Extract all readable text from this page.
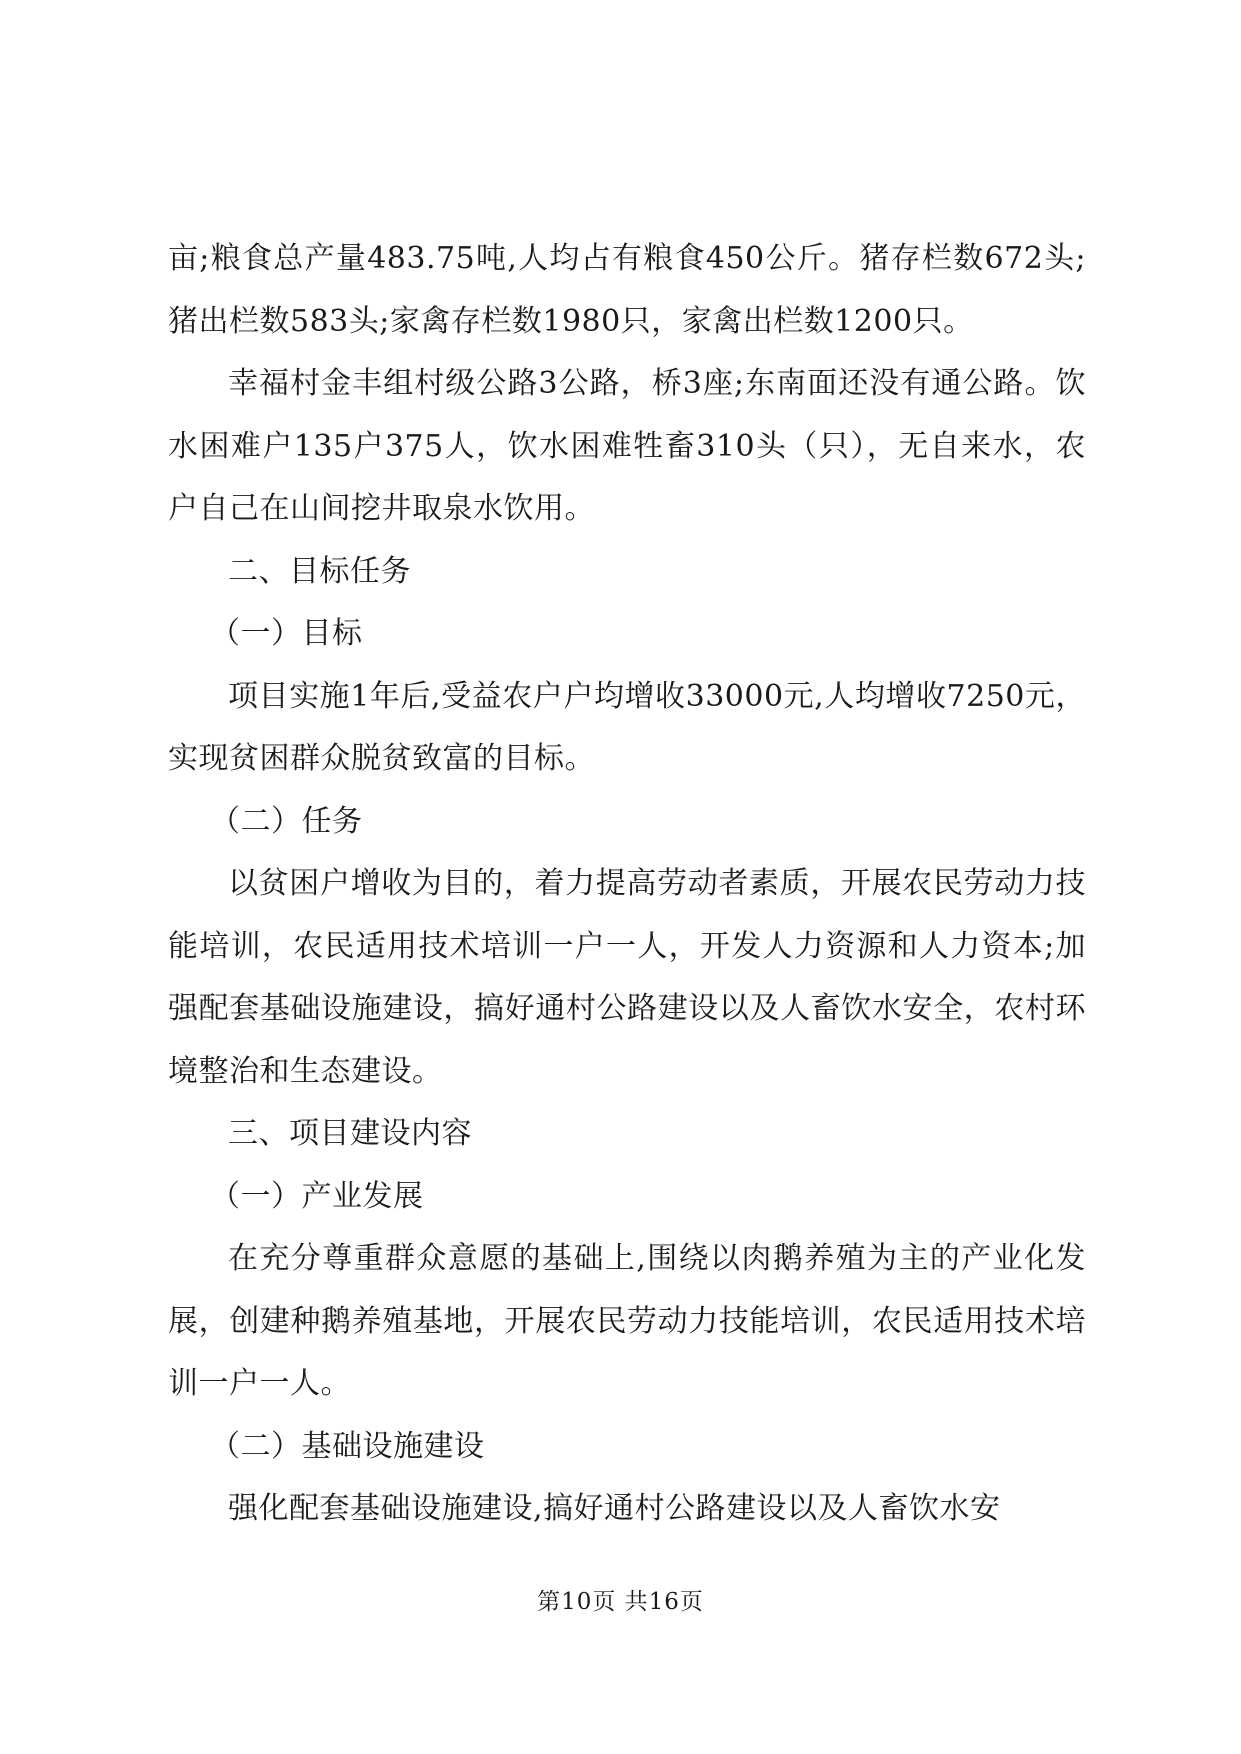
亩;粮食总产量483.75吨,人均占有粮食450公斤。猪存栏数672头;猪出栏数583头;家禽存栏数1980只，家禽出栏数1200只。

幸福村金丰组村级公路3公路，桥3座;东南面还没有通公路。饮水困难户135户375人，饮水困难牲畜310头（只），无自来水，农户自己在山间挖井取泉水饮用。

二、目标任务

（一）目标

项目实施1年后,受益农户户均增收33000元,人均增收7250元，实现贫困群众脱贫致富的目标。

（二）任务

以贫困户增收为目的，着力提高劳动者素质，开展农民劳动力技能培训，农民适用技术培训一户一人，开发人力资源和人力资本;加强配套基础设施建设，搞好通村公路建设以及人畜饮水安全，农村环境整治和生态建设。

三、项目建设内容

（一）产业发展

在充分尊重群众意愿的基础上,围绕以肉鹅养殖为主的产业化发展，创建种鹅养殖基地，开展农民劳动力技能培训，农民适用技术培训一户一人。

（二）基础设施建设

强化配套基础设施建设,搞好通村公路建设以及人畜饮水安

第10页 共16页
